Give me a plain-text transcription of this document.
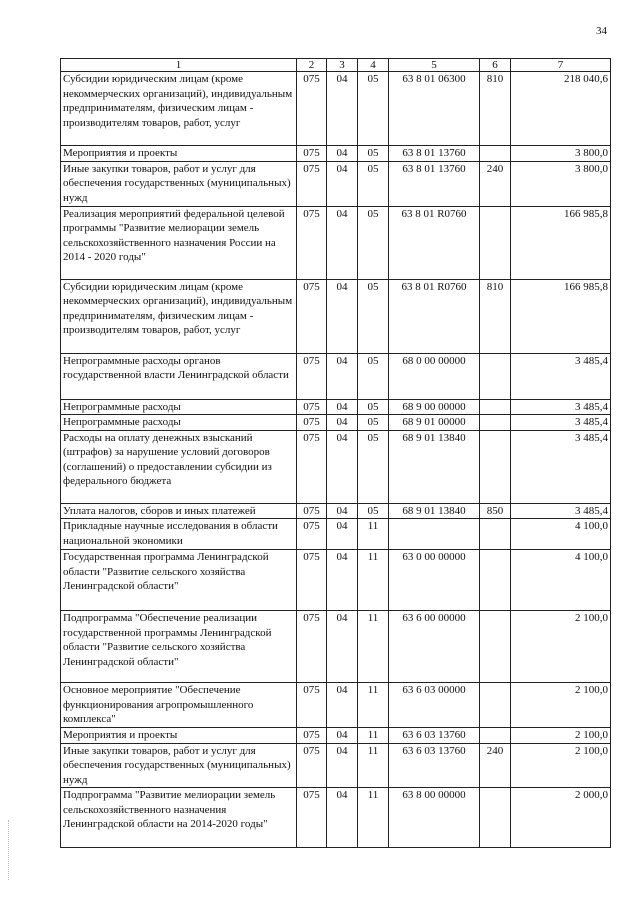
34
1	2	3	4	5	6	7
Субсидии юридическим лицам (кроме некоммерческих организаций), индивидуальным предпринимателям, физическим лицам - производителям товаров, работ, услуг	075	04	05	63 8 01 06300	810	218 040,6
Мероприятия и проекты	075	04	05	63 8 01 13760		3 800,0
Иные закупки товаров, работ и услуг для обеспечения государственных (муниципальных) нужд	075	04	05	63 8 01 13760	240	3 800,0
Реализация мероприятий федеральной целевой программы "Развитие мелиорации земель сельскохозяйственного назначения России на 2014 - 2020 годы"	075	04	05	63 8 01 R0760		166 985,8
Субсидии юридическим лицам (кроме некоммерческих организаций), индивидуальным предпринимателям, физическим лицам - производителям товаров, работ, услуг	075	04	05	63 8 01 R0760	810	166 985,8
Непрограммные расходы органов государственной власти Ленинградской области	075	04	05	68 0 00 00000		3 485,4
Непрограммные расходы	075	04	05	68 9 00 00000		3 485,4
Непрограммные расходы	075	04	05	68 9 01 00000		3 485,4
Расходы на оплату денежных взысканий (штрафов) за нарушение условий договоров (соглашений) о предоставлении субсидии из федерального бюджета	075	04	05	68 9 01 13840		3 485,4
Уплата налогов, сборов и иных платежей	075	04	05	68 9 01 13840	850	3 485,4
Прикладные научные исследования в области национальной экономики	075	04	11			4 100,0
Государственная программа Ленинградской области "Развитие сельского хозяйства Ленинградской области"	075	04	11	63 0 00 00000		4 100,0
Подпрограмма "Обеспечение реализации государственной программы Ленинградской области "Развитие сельского хозяйства Ленинградской области"	075	04	11	63 6 00 00000		2 100,0
Основное мероприятие "Обеспечение функционирования агропромышленного комплекса"	075	04	11	63 6 03 00000		2 100,0
Мероприятия и проекты	075	04	11	63 6 03 13760		2 100,0
Иные закупки товаров, работ и услуг для обеспечения государственных (муниципальных) нужд	075	04	11	63 6 03 13760	240	2 100,0
Подпрограмма "Развитие мелиорации земель сельскохозяйственного назначения Ленинградской области на 2014-2020 годы"	075	04	11	63 8 00 00000		2 000,0
